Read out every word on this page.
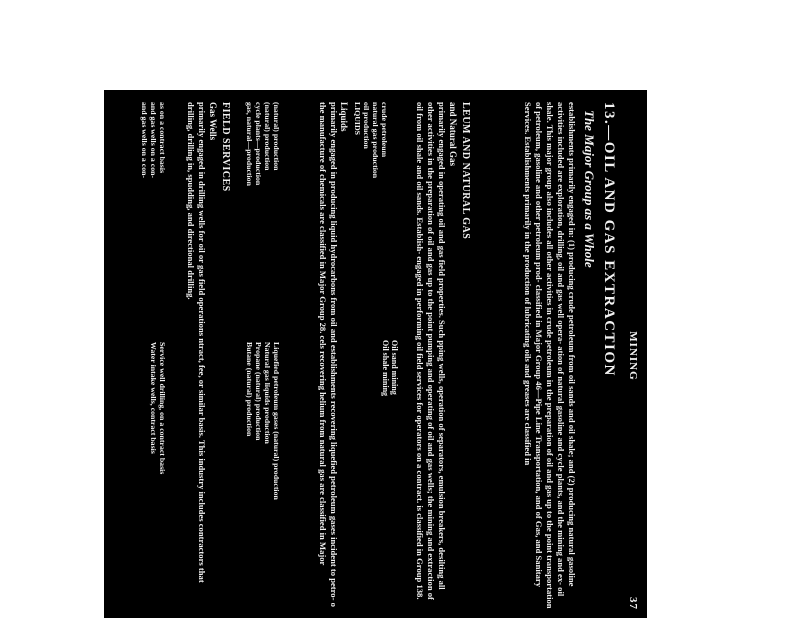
MINING
37
13.—OIL AND GAS EXTRACTION
The Major Group as a Whole
establishments primarily engaged in: (1) producing crude petroleum from oil sands and oil shale; and (2) producing natural gasoline activities included are exploration, drilling, oil and gas well opera- ation of natural gasoline and cycle plants, and the mining and ex- oil shale. This major group also includes all other activities in crude petroleum in the preparation of oil and gas up to the point transportation of petroleum, gasoline and other petroleum prod- classified in Major Group 46—Pipe Line Transportation, and of Gas, and Sanitary Services. Establishments primarily in the production of lubricating oils and greases are classified in
LEUM AND NATURAL GAS
and Natural Gas
primarily engaged in operating oil and gas field properties. Such pping wells, operation of separators, emulsion breakers, desilting all other activities in the preparation of oil and gas up to the point pumping and operating of oil and gas wells; the mining and extraction of oil from oil shale and oil sands. Establish- engaged in performing oil field services for operators on a contract. is classified in Group 138.
crude petroleum
natural gas production
oil production
LIQUIDS
Oil sand mining
Oil shale mining
Liquids
primarily engaged in producing liquid hydrocarbons from oil and establishments recovering liquefied petroleum gases incident to petro- o the manufacture of chemicals are classified in Major Group 28. cels recovering helium from natural gas are classified in Major
(natural) production
(natural) production
cycle plants—production
gas, natural—production
Liquefied petroleum gases (natural) production
Natural gas liquids production
Propane (natural) production
Butane (natural) production
FIELD SERVICES
Gas Wells
primarily engaged in drilling wells for oil or gas field operations ntract, fee, or similar basis. This industry includes contractors that drilling, drilling in, spudding, and directional drilling.
as on a contract basis
and gas wells on a con-
and gas wells on a con-
Service well drilling, on a contract basis
Water intake wells, contract basis
